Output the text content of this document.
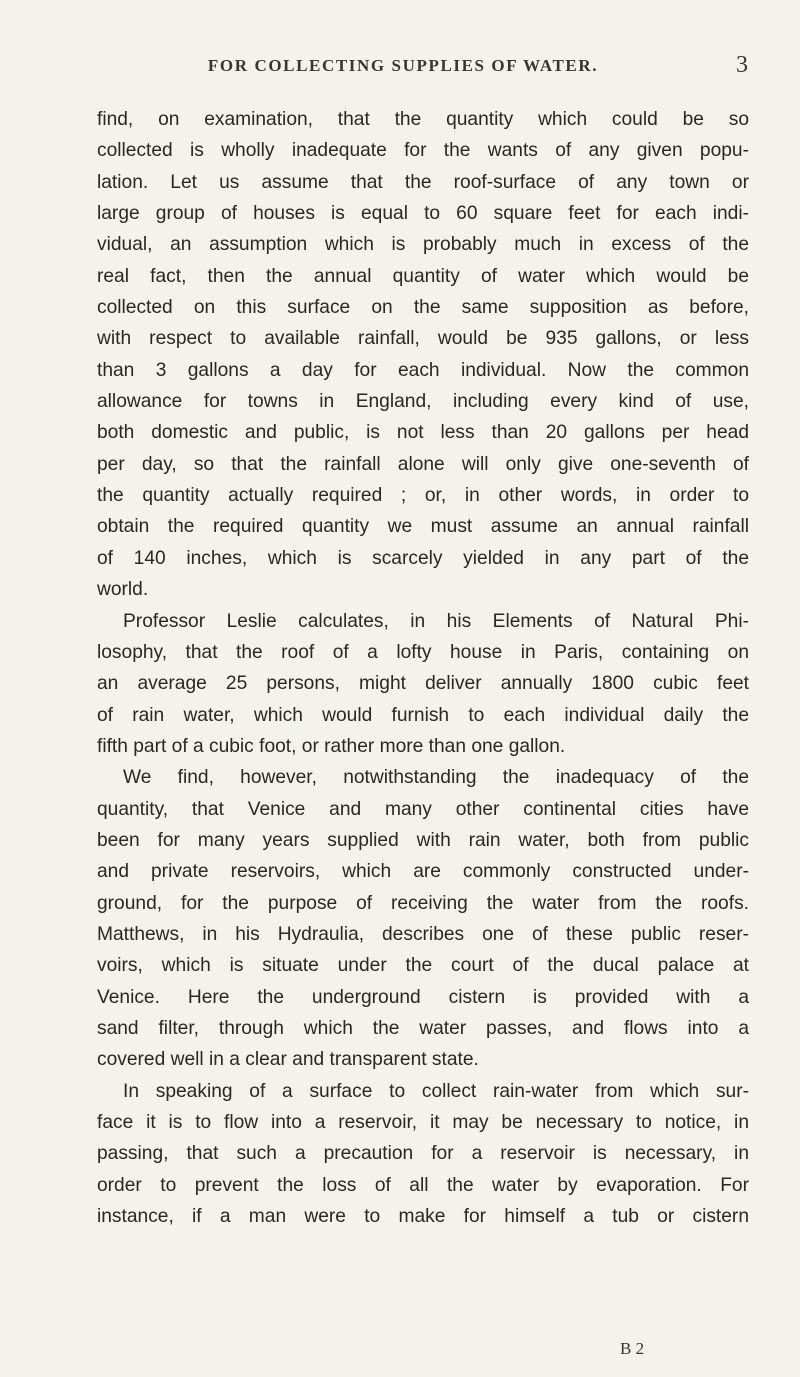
FOR COLLECTING SUPPLIES OF WATER.	3
find, on examination, that the quantity which could be so
collected is wholly inadequate for the wants of any given popu-
lation. Let us assume that the roof-surface of any town or
large group of houses is equal to 60 square feet for each indi-
vidual, an assumption which is probably much in excess of the
real fact, then the annual quantity of water which would be
collected on this surface on the same supposition as before,
with respect to available rainfall, would be 935 gallons, or less
than 3 gallons a day for each individual. Now the common
allowance for towns in England, including every kind of use,
both domestic and public, is not less than 20 gallons per head
per day, so that the rainfall alone will only give one-seventh of
the quantity actually required ; or, in other words, in order to
obtain the required quantity we must assume an annual rainfall
of 140 inches, which is scarcely yielded in any part of the
world.
Professor Leslie calculates, in his Elements of Natural Phi-
losophy, that the roof of a lofty house in Paris, containing on
an average 25 persons, might deliver annually 1800 cubic feet
of rain water, which would furnish to each individual daily the
fifth part of a cubic foot, or rather more than one gallon.
We find, however, notwithstanding the inadequacy of the
quantity, that Venice and many other continental cities have
been for many years supplied with rain water, both from public
and private reservoirs, which are commonly constructed under-
ground, for the purpose of receiving the water from the roofs.
Matthews, in his Hydraulia, describes one of these public reser-
voirs, which is situate under the court of the ducal palace at
Venice. Here the underground cistern is provided with a
sand filter, through which the water passes, and flows into a
covered well in a clear and transparent state.
In speaking of a surface to collect rain-water from which sur-
face it is to flow into a reservoir, it may be necessary to notice, in
passing, that such a precaution for a reservoir is necessary, in
order to prevent the loss of all the water by evaporation. For
instance, if a man were to make for himself a tub or cistern
B 2
